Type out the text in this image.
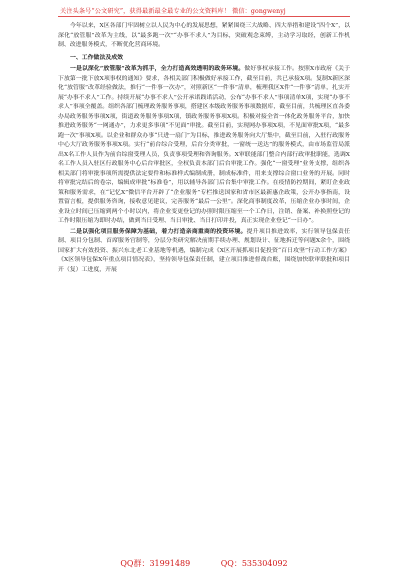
关注头条号“公文研究”，获得最新最全最专业的公文资料库！ 微信：gongwenyj

今年以来，X区各部门牢固树立以人民为中心的发展思想，紧紧围绕三大战略、四大举措和建设“四个X”，以深化“放管服”改革为主线，以“最多跑一次”“办事不求人”为目标，突破观念束缚，主动学习取经，创新工作机制、改进服务模式，不断优化营商环境。

一、工作做法及成效

一是以深化“放管服”改革为抓手，全力打造高效透明的政务环境。做好事权承接工作。按照X市政府《关于下放第一批下放X项事权的通知》要求，各相关部门积极做好承接工作，截至目前，共已承接X项。复制X新区深化“放管服”改革经验做法，推行“一件事一次办”，对照新区“一件事”清单，梳理我区X件“一件事”清单，扎实开展“办事不求人”工作。持续开展“办事不求人”公开承诺践诺活动，公布“办事不求人”事项清单X项，实现“办事不求人”事项全覆盖。组织各部门梳理政务服务事项，搭建区本级政务服务事项数据库，截至目前，共梳理区直各委办局政务服务事项X项，街道政务服务事项X项，镇政务服务事项X项。积极对接全省一体化政务服务平台，加快推进政务服务“一网通办”，力求更多事项“不见面”审批。截至目前，实现网办事项X项，不见面审批X项，“最多跑一次”事项X项。以企业和群众办事“只进一扇门”为目标，推进政务服务向大厅集中，截至目前，入驻行政服务中心大厅政务服务事项X项。实行“前台综合受理，后台分类审批，一窗统一送达”的服务模式，由市场监管局派出X名工作人员作为前台综窗受理人员，负责事项受理和咨询服务。X审联能部门整合内部行政审批职能，选调X名工作人员入驻区行政服务中心后台审批区，全权负责本部门后台审批工作。强化“一窗受理”业务支撑，组织各相关部门将审批事项所需提供法定要件和标准样式编制成册，制成标准件，用来支撑综合窗口业务的开展。同时将审批完结后的卷宗，编辑成审批“标准卷”，用以辅导各部门后台集中审批工作。在疫情防控期间，紧盯企业政策和服务需求，在“记忆X”微信平台开辟了“企业服务”专栏推送国家和省市区最新惠企政策，公开办事指南，设置留言板，提供服务咨询，接收意见建议，完善服务“最后一公里”。深化商事制度改革，压缩企业办事时间，企业设立时间已压缩到两个小时以内，将企业变更登记的办照时限压缩至一个工作日，注销、备案、补换照登记的工作时限压缩为即时办结，做到当日受理、当日审批、当日打印并投，真正实现企业登记“一日办”。

二是以强化项目服务保障为基础，着力打造亲商重商的投资环境。提升项目推进效率，实行领导包保责任制、项目分包制、首席服务官制等，分层分类研究解决前期手续办理、规划设计、征地拆迁等问题X余个，围绕国家扩大有效投资、振兴东北老工业基地等机遇，编制完成《X区开展抓项目促投资“百日攻坚”行动工作方案》《X区领导包保X年重点项目情况表》，坚持领导包保责任制，建立项目推进督战台账，围绕加快联审联批和项目开（复）工进度，开展

QQ群：31991489	QQ：535304092
